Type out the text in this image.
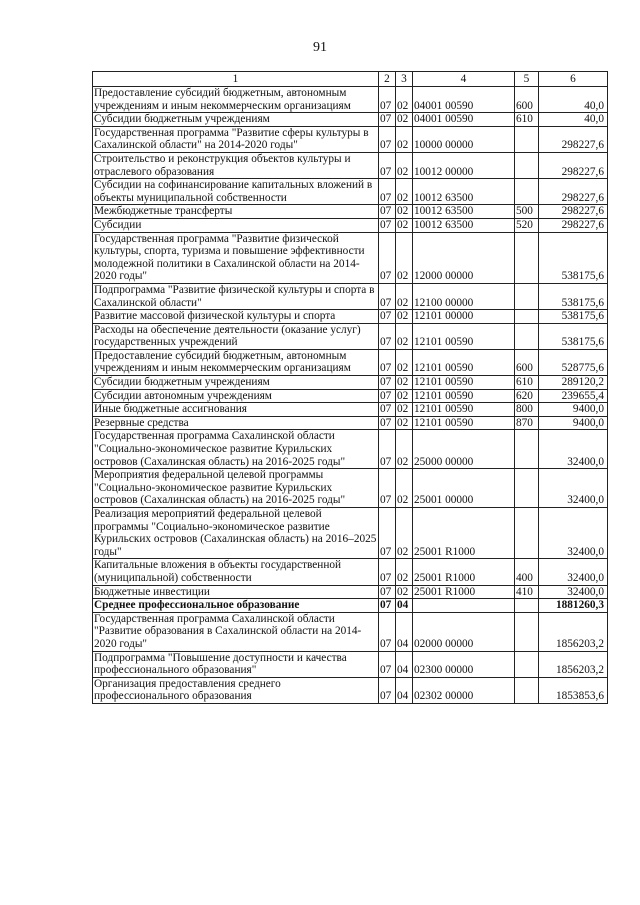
91
1	2	3	4	5	6
Предоставление субсидий бюджетным, автономным учреждениям и иным некоммерческим организациям	07	02	04001 00590	600	40,0
Субсидии бюджетным учреждениям	07	02	04001 00590	610	40,0
Государственная программа "Развитие сферы культуры в Сахалинской области" на 2014-2020 годы"	07	02	10000 00000		298227,6
Строительство и реконструкция объектов культуры и отраслевого образования	07	02	10012 00000		298227,6
Субсидии на софинансирование капитальных вложений в объекты муниципальной собственности	07	02	10012 63500		298227,6
Межбюджетные трансферты	07	02	10012 63500	500	298227,6
Субсидии	07	02	10012 63500	520	298227,6
Государственная программа "Развитие физической культуры, спорта, туризма и повышение эффективности молодежной политики в Сахалинской области на 2014-2020 годы"	07	02	12000 00000		538175,6
Подпрограмма "Развитие физической культуры и спорта в Сахалинской области"	07	02	12100 00000		538175,6
Развитие массовой физической культуры и спорта	07	02	12101 00000		538175,6
Расходы на обеспечение деятельности (оказание услуг) государственных учреждений	07	02	12101 00590		538175,6
Предоставление субсидий бюджетным, автономным учреждениям и иным некоммерческим организациям	07	02	12101 00590	600	528775,6
Субсидии бюджетным учреждениям	07	02	12101 00590	610	289120,2
Субсидии автономным учреждениям	07	02	12101 00590	620	239655,4
Иные бюджетные ассигнования	07	02	12101 00590	800	9400,0
Резервные средства	07	02	12101 00590	870	9400,0
Государственная программа Сахалинской области "Социально-экономическое развитие Курильских островов (Сахалинская область) на 2016-2025 годы"	07	02	25000 00000		32400,0
Мероприятия федеральной целевой программы "Социально-экономическое развитие Курильских островов (Сахалинская область) на 2016-2025 годы"	07	02	25001 00000		32400,0
Реализация мероприятий федеральной целевой программы "Социально-экономическое развитие Курильских островов (Сахалинская область) на 2016–2025 годы"	07	02	25001 R1000		32400,0
Капитальные вложения в объекты государственной (муниципальной) собственности	07	02	25001 R1000	400	32400,0
Бюджетные инвестиции	07	02	25001 R1000	410	32400,0
Среднее профессиональное образование	07	04			1881260,3
Государственная программа Сахалинской области "Развитие образования в Сахалинской области на 2014-2020 годы"	07	04	02000 00000		1856203,2
Подпрограмма "Повышение доступности и качества профессионального образования"	07	04	02300 00000		1856203,2
Организация предоставления среднего профессионального образования	07	04	02302 00000		1853853,6
